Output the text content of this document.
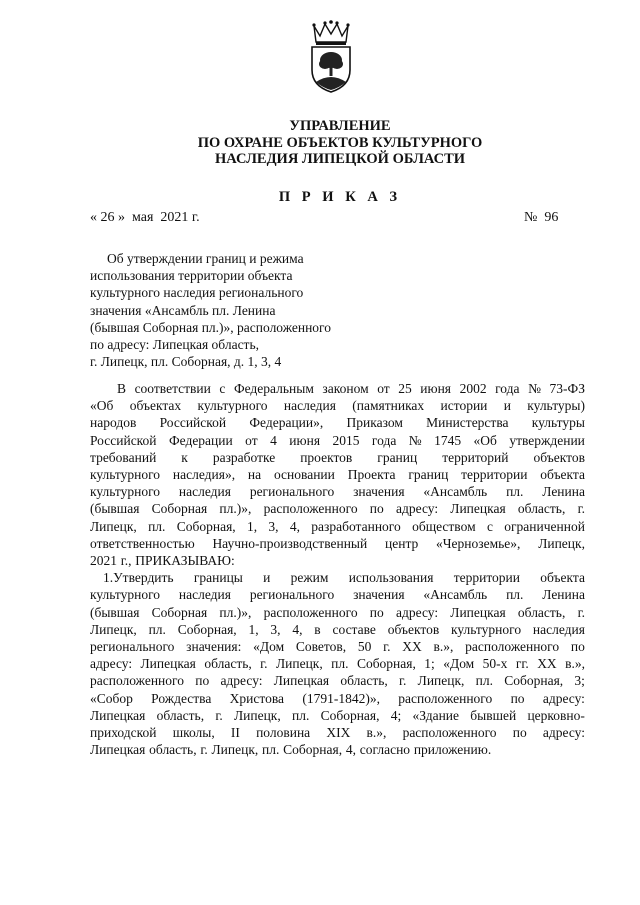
УПРАВЛЕНИЕ
ПО ОХРАНЕ ОБЪЕКТОВ КУЛЬТУРНОГО
НАСЛЕДИЯ ЛИПЕЦКОЙ ОБЛАСТИ
П Р И К А З
« 26 »  мая  2021 г.	№  96
Об утверждении границ и режима
использования территории объекта
культурного наследия регионального
значения «Ансамбль пл. Ленина
(бывшая Соборная пл.)», расположенного
по адресу: Липецкая область,
г. Липецк, пл. Соборная, д. 1, 3, 4
В соответствии с Федеральным законом от 25 июня 2002 года № 73-ФЗ
«Об объектах культурного наследия (памятниках истории и культуры)
народов Российской Федерации», Приказом Министерства культуры
Российской Федерации от 4 июня 2015 года № 1745 «Об утверждении
требований к разработке проектов границ территорий объектов
культурного наследия», на основании Проекта границ территории объекта
культурного наследия регионального значения «Ансамбль пл. Ленина
(бывшая Соборная пл.)», расположенного по адресу: Липецкая область, г.
Липецк, пл. Соборная, 1, 3, 4, разработанного обществом с ограниченной
ответственностью Научно-производственный центр «Черноземье», Липецк,
2021 г., ПРИКАЗЫВАЮ:
1.Утвердить границы и режим использования территории объекта
культурного наследия регионального значения «Ансамбль пл. Ленина
(бывшая Соборная пл.)», расположенного по адресу: Липецкая область, г.
Липецк, пл. Соборная, 1, 3, 4, в составе объектов культурного наследия
регионального значения: «Дом Советов, 50 г. XX в.», расположенного по
адресу: Липецкая область, г. Липецк, пл. Соборная, 1; «Дом 50-х гг. XX в.»,
расположенного по адресу: Липецкая область, г. Липецк, пл. Соборная, 3;
«Собор Рождества Христова (1791-1842)», расположенного по адресу:
Липецкая область, г. Липецк, пл. Соборная, 4; «Здание бывшей церковно-
приходской школы, II половина XIX в.», расположенного по адресу:
Липецкая область, г. Липецк, пл. Соборная, 4, согласно приложению.
